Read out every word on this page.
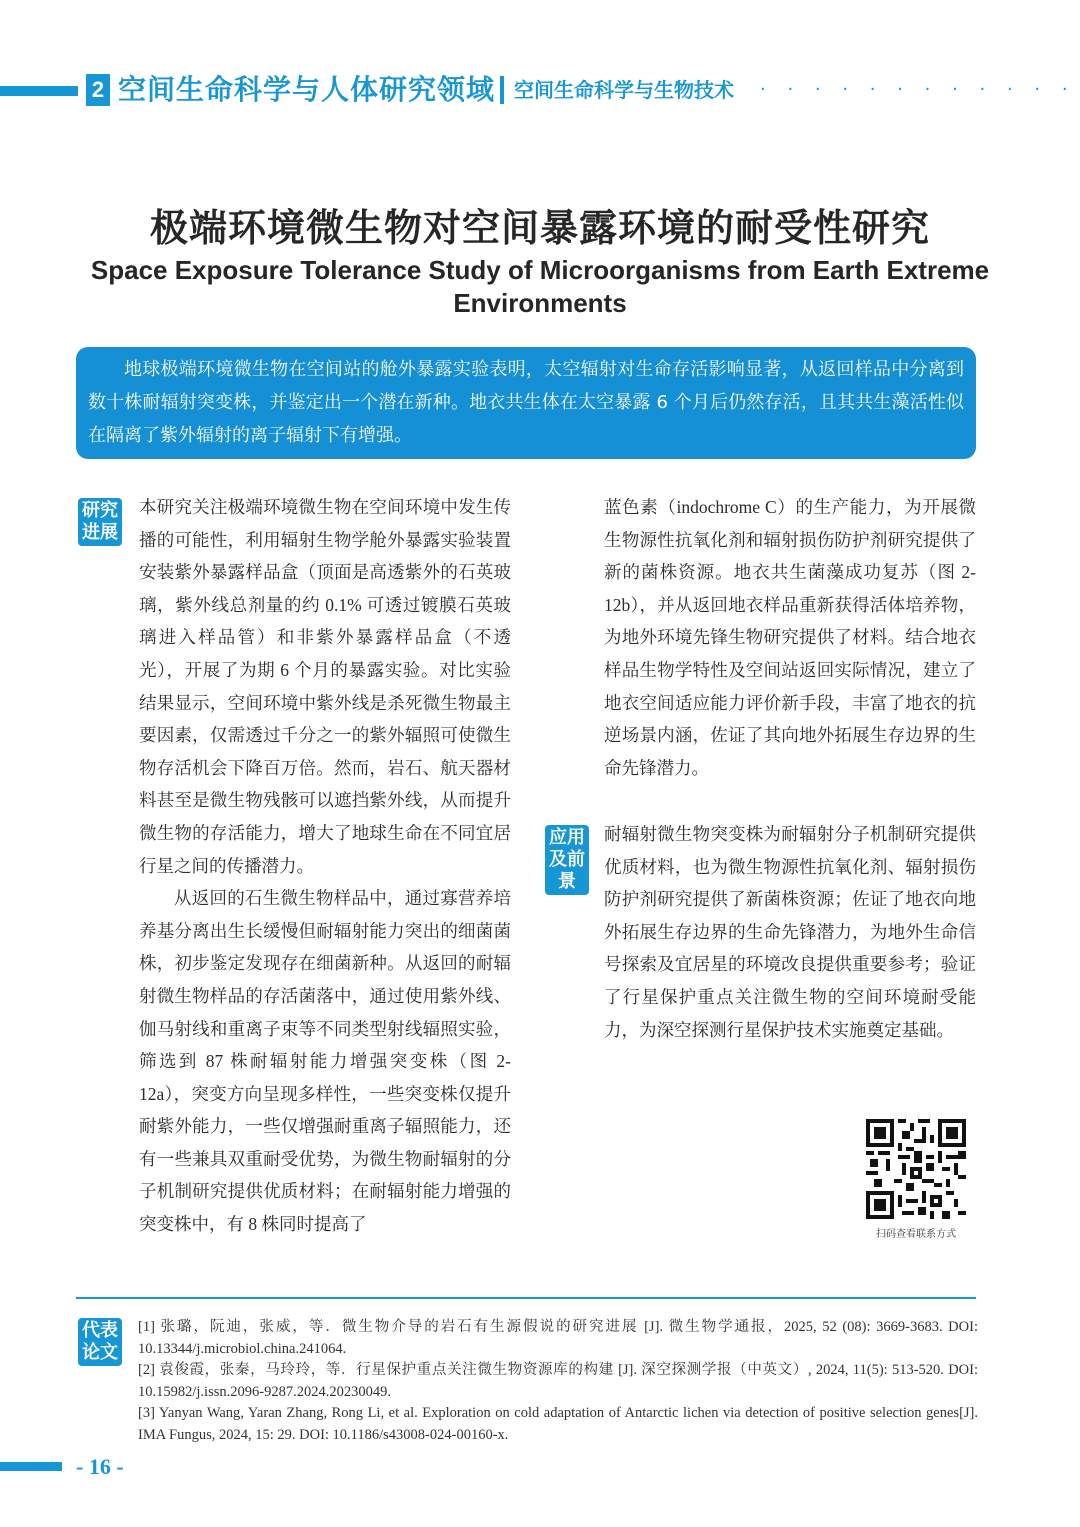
2 空间生命科学与人体研究领域 空间生命科学与生物技术 · · · · · · · · · · · ·
极端环境微生物对空间暴露环境的耐受性研究
Space Exposure Tolerance Study of Microorganisms from Earth Extreme Environments
地球极端环境微生物在空间站的舱外暴露实验表明，太空辐射对生命存活影响显著，从返回样品中分离到数十株耐辐射突变株，并鉴定出一个潜在新种。地衣共生体在太空暴露 6 个月后仍然存活，且其共生藻活性似在隔离了紫外辐射的离子辐射下有增强。
研究进展
应用及前景
代表论文

本研究关注极端环境微生物在空间环境中发生传播的可能性，利用辐射生物学舱外暴露实验装置安装紫外暴露样品盒（顶面是高透紫外的石英玻璃，紫外线总剂量的约 0.1% 可透过镀膜石英玻璃进入样品管）和非紫外暴露样品盒（不透光），开展了为期 6 个月的暴露实验。对比实验结果显示，空间环境中紫外线是杀死微生物最主要因素，仅需透过千分之一的紫外辐照可使微生物存活机会下降百万倍。然而，岩石、航天器材料甚至是微生物残骸可以遮挡紫外线，从而提升微生物的存活能力，增大了地球生命在不同宜居行星之间的传播潜力。

从返回的石生微生物样品中，通过寡营养培养基分离出生长缓慢但耐辐射能力突出的细菌菌株，初步鉴定发现存在细菌新种。从返回的耐辐射微生物样品的存活菌落中，通过使用紫外线、伽马射线和重离子束等不同类型射线辐照实验，筛选到 87 株耐辐射能力增强突变株（图 2-12a），突变方向呈现多样性，一些突变株仅提升耐紫外能力，一些仅增强耐重离子辐照能力，还有一些兼具双重耐受优势，为微生物耐辐射的分子机制研究提供优质材料；在耐辐射能力增强的突变株中，有 8 株同时提高了

蓝色素（indochrome C）的生产能力，为开展微生物源性抗氧化剂和辐射损伤防护剂研究提供了新的菌株资源。地衣共生菌藻成功复苏（图 2-12b），并从返回地衣样品重新获得活体培养物，为地外环境先锋生物研究提供了材料。结合地衣样品生物学特性及空间站返回实际情况，建立了地衣空间适应能力评价新手段，丰富了地衣的抗逆场景内涵，佐证了其向地外拓展生存边界的生命先锋潜力。

耐辐射微生物突变株为耐辐射分子机制研究提供优质材料，也为微生物源性抗氧化剂、辐射损伤防护剂研究提供了新菌株资源；佐证了地衣向地外拓展生存边界的生命先锋潜力，为地外生命信号探索及宜居星的环境改良提供重要参考；验证了行星保护重点关注微生物的空间环境耐受能力，为深空探测行星保护技术实施奠定基础。

扫码查看联系方式

[1] 张璐，阮迪，张威，等．微生物介导的岩石有生源假说的研究进展 [J]. 微生物学通报，2025, 52 (08): 3669-3683. DOI: 10.13344/j.microbiol.china.241064.

[2] 袁俊霞，张秦，马玲玲，等．行星保护重点关注微生物资源库的构建 [J]. 深空探测学报（中英文）, 2024, 11(5): 513-520. DOI: 10.15982/j.issn.2096-9287.2024.20230049.

[3] Yanyan Wang, Yaran Zhang, Rong Li, et al. Exploration on cold adaptation of Antarctic lichen via detection of positive selection genes[J]. IMA Fungus, 2024, 15: 29. DOI: 10.1186/s43008-024-00160-x.

- 16 -
